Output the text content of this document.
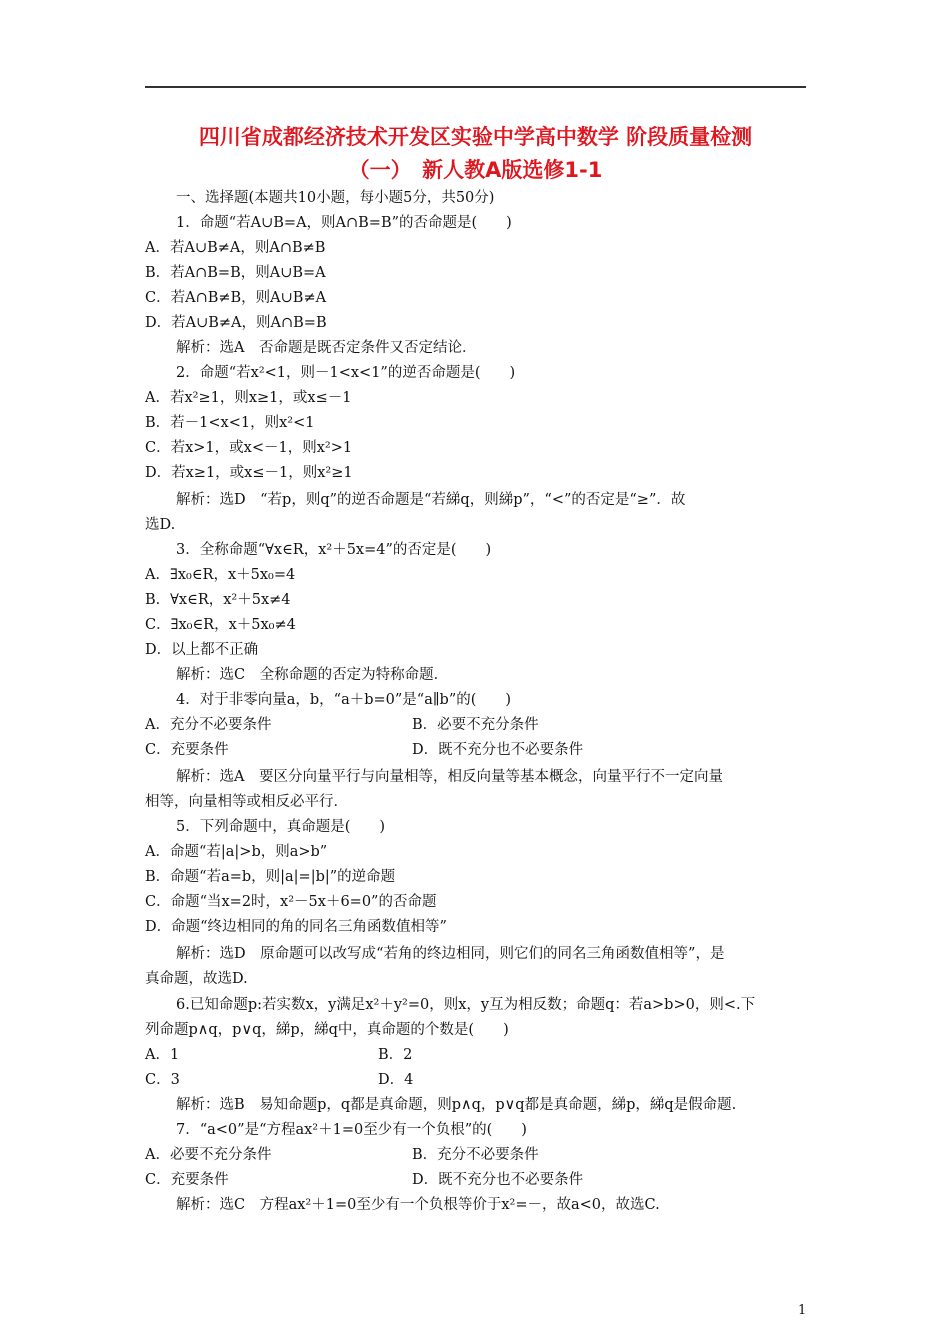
四川省成都经济技术开发区实验中学高中数学 阶段质量检测
（一）　新人教A版选修1-1
一、选择题(本题共10小题，每小题5分，共50分)
1．命题“若A∪B=A，则A∩B=B”的否命题是(　　)
A．若A∪B≠A，则A∩B≠B
B．若A∩B=B，则A∪B=A
C．若A∩B≠B，则A∪B≠A
D．若A∪B≠A，则A∩B=B
解析：选A　否命题是既否定条件又否定结论．
2．命题“若x²<1，则－1<x<1”的逆否命题是(　　)
A．若x²≥1，则x≥1，或x≤－1
B．若－1<x<1，则x²<1
C．若x>1，或x<－1，则x²>1
D．若x≥1，或x≤－1，则x²≥1
解析：选D　“若p，则q”的逆否命题是“若綈q，则綈p”，“<”的否定是“≥”．故
选D.
3．全称命题“∀x∈R，x²＋5x=4”的否定是(　　)
A．∃x₀∈R，x＋5x₀=4
B．∀x∈R，x²＋5x≠4
C．∃x₀∈R，x＋5x₀≠4
D．以上都不正确
解析：选C　全称命题的否定为特称命题．
4．对于非零向量a，b，“a＋b=0”是“a∥b”的(　　)
A．充分不必要条件	B．必要不充分条件
C．充要条件	D．既不充分也不必要条件
解析：选A　要区分向量平行与向量相等，相反向量等基本概念，向量平行不一定向量
相等，向量相等或相反必平行．
5．下列命题中，真命题是(　　)
A．命题“若|a|>b，则a>b”
B．命题“若a=b，则|a|=|b|”的逆命题
C．命题“当x=2时，x²－5x＋6=0”的否命题
D．命题“终边相同的角的同名三角函数值相等”
解析：选D　原命题可以改写成“若角的终边相同，则它们的同名三角函数值相等”，是
真命题，故选D.
6.已知命题p:若实数x，y满足x²＋y²=0，则x，y互为相反数；命题q：若a>b>0，则<.下
列命题p∧q，p∨q，綈p，綈q中，真命题的个数是(　　)
A．1	B．2
C．3	D．4
解析：选B　易知命题p，q都是真命题，则p∧q，p∨q都是真命题，綈p，綈q是假命题.
7．“a<0”是“方程ax²＋1=0至少有一个负根”的(　　)
A．必要不充分条件	B．充分不必要条件
C．充要条件	D．既不充分也不必要条件
解析：选C　方程ax²＋1=0至少有一个负根等价于x²=－，故a<0，故选C.
1
